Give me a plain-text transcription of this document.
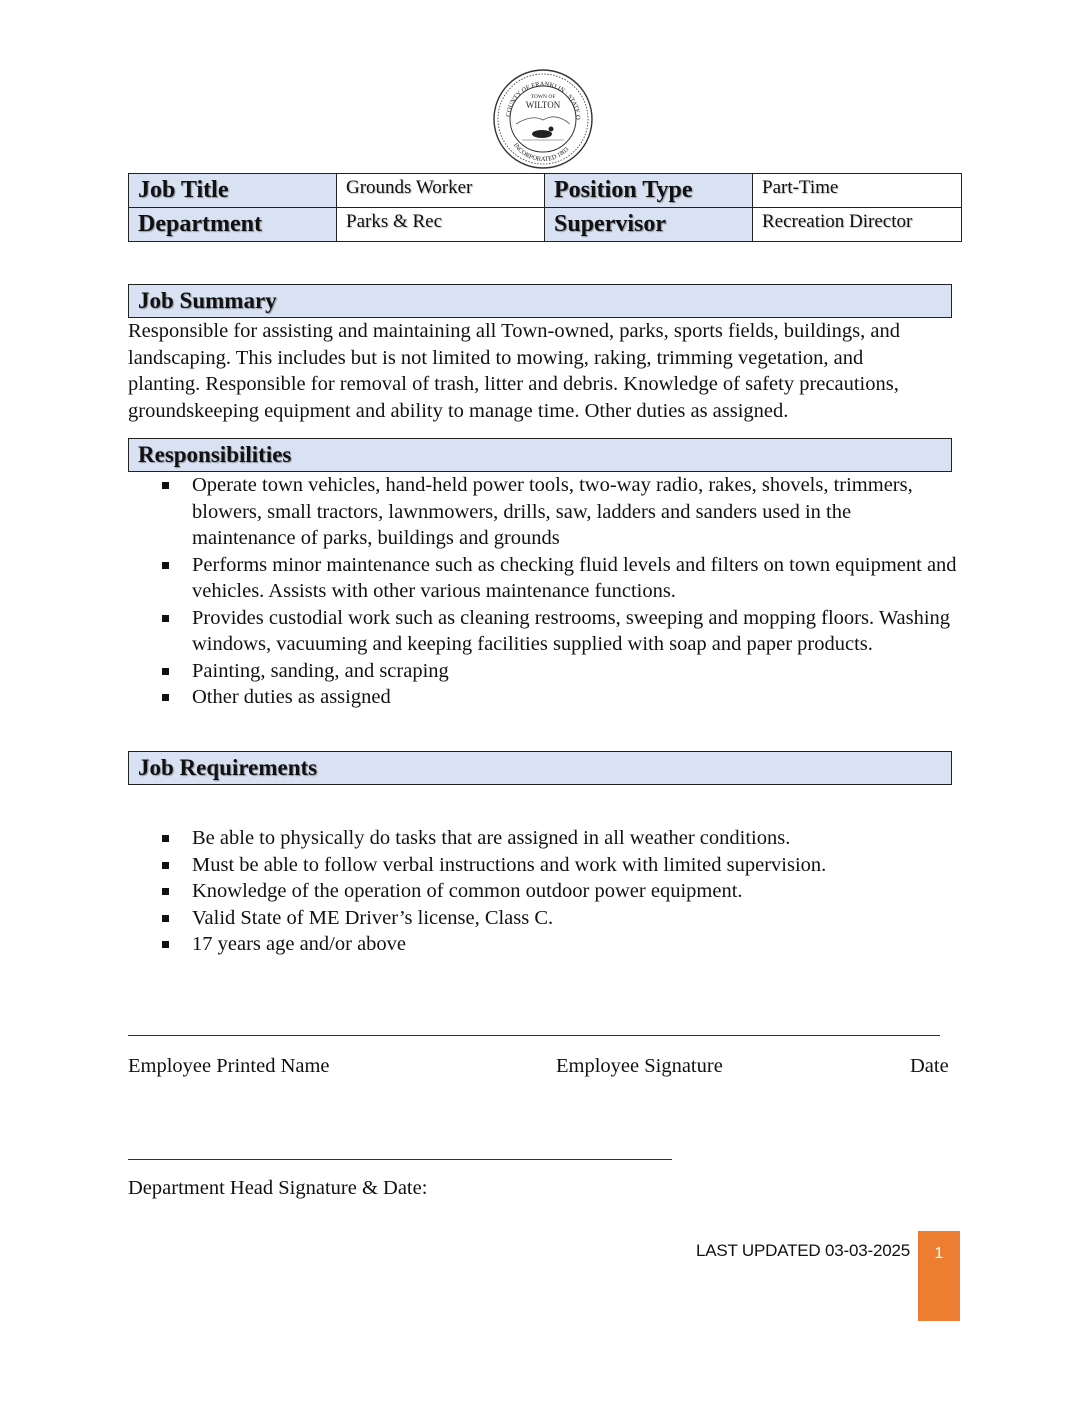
COUNTY OF FRANKLIN · STATE O
INCORPORATED 1803
TOWN OF
WILTON
Job Title	Grounds Worker	Position Type	Part-Time
Department	Parks & Rec	Supervisor	Recreation Director
Job Summary
Responsible for assisting and maintaining all Town-owned, parks, sports fields, buildings, and
landscaping. This includes but is not limited to mowing, raking, trimming vegetation, and
planting. Responsible for removal of trash, litter and debris. Knowledge of safety precautions,
groundskeeping equipment and ability to manage time. Other duties as assigned.
Responsibilities
Operate town vehicles, hand-held power tools, two-way radio, rakes, shovels, trimmers, blowers, small tractors, lawnmowers, drills, saw, ladders and sanders used in the maintenance of parks, buildings and grounds
Performs minor maintenance such as checking fluid levels and filters on town equipment and vehicles. Assists with other various maintenance functions.
Provides custodial work such as cleaning restrooms, sweeping and mopping floors. Washing windows, vacuuming and keeping facilities supplied with soap and paper products.
Painting, sanding, and scraping
Other duties as assigned
Job Requirements
Be able to physically do tasks that are assigned in all weather conditions.
Must be able to follow verbal instructions and work with limited supervision.
Knowledge of the operation of common outdoor power equipment.
Valid State of ME Driver’s license, Class C.
17 years age and/or above
Employee Printed Name	Employee Signature	Date
Department Head Signature & Date:
LAST UPDATED 03-03-2025	1
